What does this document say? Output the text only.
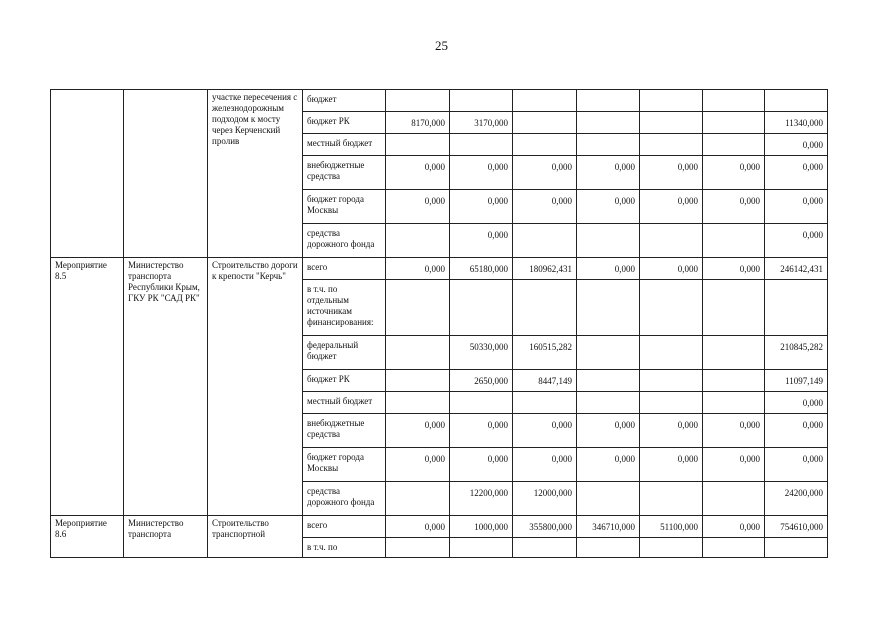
25
		участке пересечения с железнодорожным подходом к мосту через Керченский пролив	бюджет							
			бюджет РК	8170,000	3170,000					11340,000
			местный бюджет							0,000
			внебюджетные средства	0,000	0,000	0,000	0,000	0,000	0,000	0,000
			бюджет города Москвы	0,000	0,000	0,000	0,000	0,000	0,000	0,000
			средства дорожного фонда		0,000					0,000
Мероприятие 8.5	Министерство транспорта Республики Крым, ГКУ РК "САД РК"	Строительство дороги к крепости "Керчь"	всего	0,000	65180,000	180962,431	0,000	0,000	0,000	246142,431
			в т.ч. по отдельным источникам финансирования:							
			федеральный бюджет		50330,000	160515,282				210845,282
			бюджет РК		2650,000	8447,149				11097,149
			местный бюджет							0,000
			внебюджетные средства	0,000	0,000	0,000	0,000	0,000	0,000	0,000
			бюджет города Москвы	0,000	0,000	0,000	0,000	0,000	0,000	0,000
			средства дорожного фонда		12200,000	12000,000				24200,000
Мероприятие 8.6	Министерство транспорта	Строительство транспортной	всего	0,000	1000,000	355800,000	346710,000	51100,000	0,000	754610,000
			в т.ч. по							
